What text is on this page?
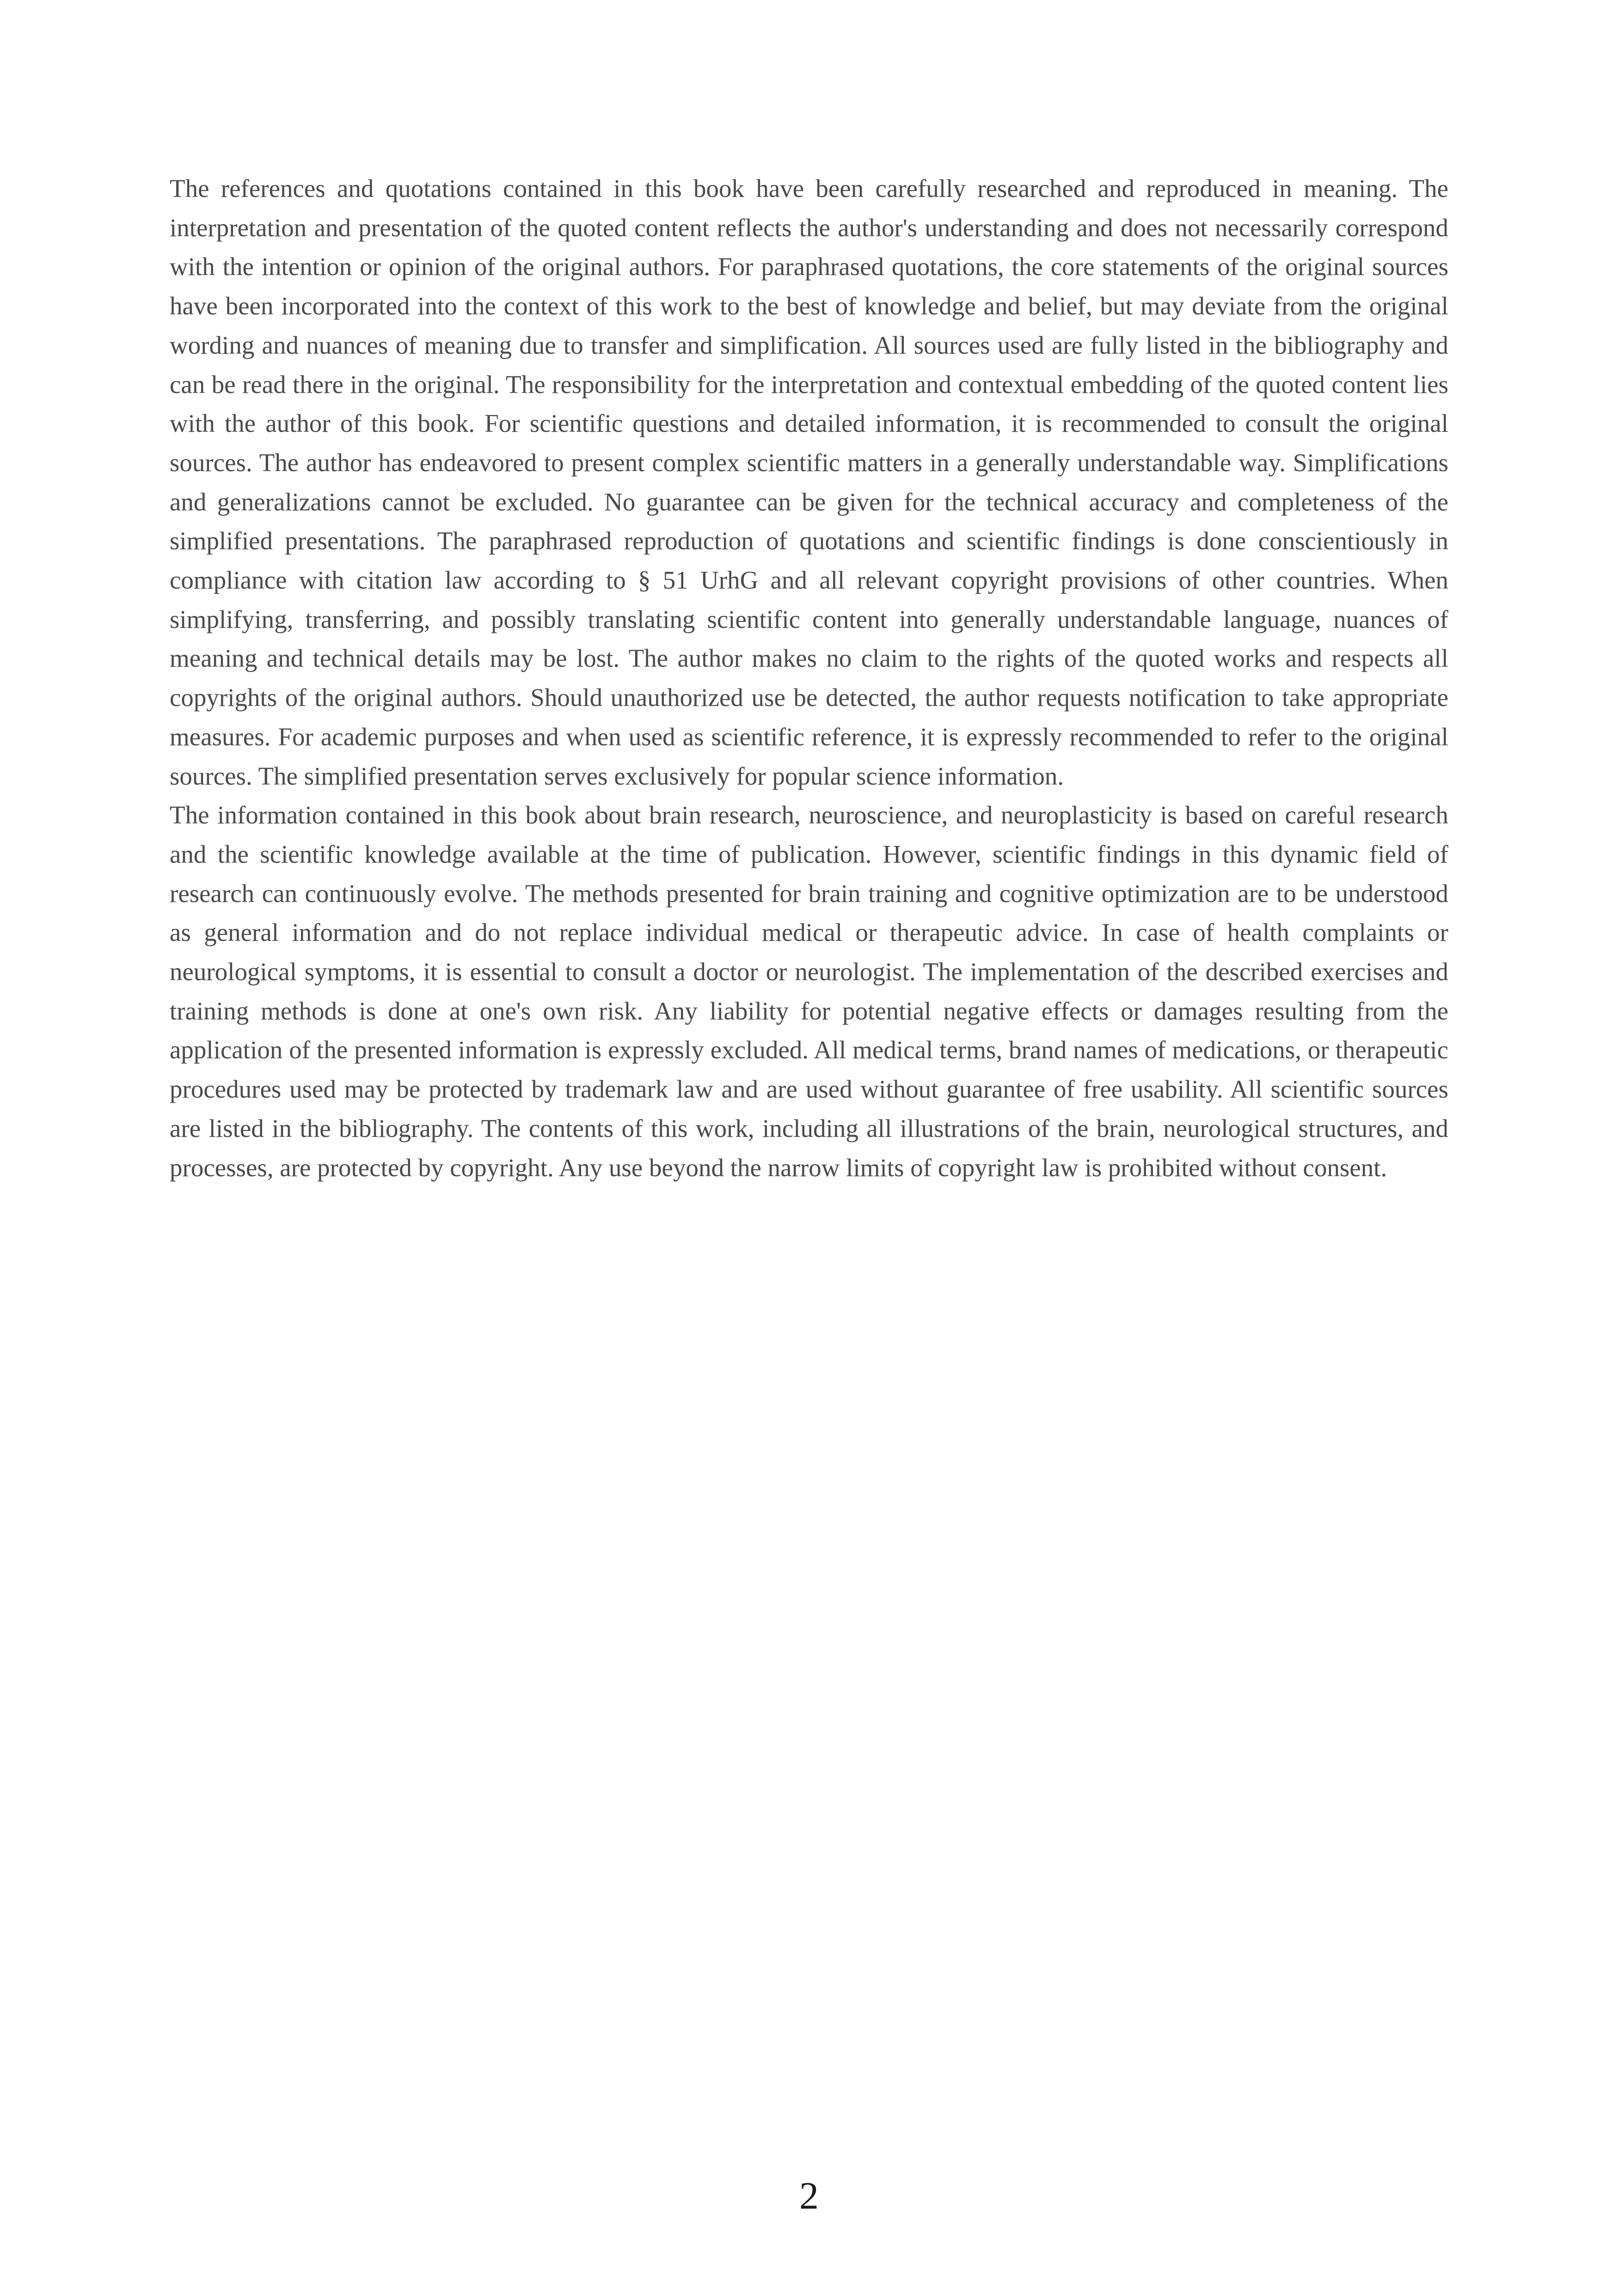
The references and quotations contained in this book have been carefully researched and reproduced in meaning. The interpretation and presentation of the quoted content reflects the author's understanding and does not necessarily correspond with the intention or opinion of the original authors. For paraphrased quotations, the core statements of the original sources have been incorporated into the context of this work to the best of knowledge and belief, but may deviate from the original wording and nuances of meaning due to transfer and simplification. All sources used are fully listed in the bibliography and can be read there in the original. The responsibility for the interpretation and contextual embedding of the quoted content lies with the author of this book. For scientific questions and detailed information, it is recommended to consult the original sources. The author has endeavored to present complex scientific matters in a generally understandable way. Simplifications and generalizations cannot be excluded. No guarantee can be given for the technical accuracy and completeness of the simplified presentations. The paraphrased reproduction of quotations and scientific findings is done conscientiously in compliance with citation law according to § 51 UrhG and all relevant copyright provisions of other countries. When simplifying, transferring, and possibly translating scientific content into generally understandable language, nuances of meaning and technical details may be lost. The author makes no claim to the rights of the quoted works and respects all copyrights of the original authors. Should unauthorized use be detected, the author requests notification to take appropriate measures. For academic purposes and when used as scientific reference, it is expressly recommended to refer to the original sources. The simplified presentation serves exclusively for popular science information.

The information contained in this book about brain research, neuroscience, and neuroplasticity is based on careful research and the scientific knowledge available at the time of publication. However, scientific findings in this dynamic field of research can continuously evolve. The methods presented for brain training and cognitive optimization are to be understood as general information and do not replace individual medical or therapeutic advice. In case of health complaints or neurological symptoms, it is essential to consult a doctor or neurologist. The implementation of the described exercises and training methods is done at one's own risk. Any liability for potential negative effects or damages resulting from the application of the presented information is expressly excluded. All medical terms, brand names of medications, or therapeutic procedures used may be protected by trademark law and are used without guarantee of free usability. All scientific sources are listed in the bibliography. The contents of this work, including all illustrations of the brain, neurological structures, and processes, are protected by copyright. Any use beyond the narrow limits of copyright law is prohibited without consent.

2
